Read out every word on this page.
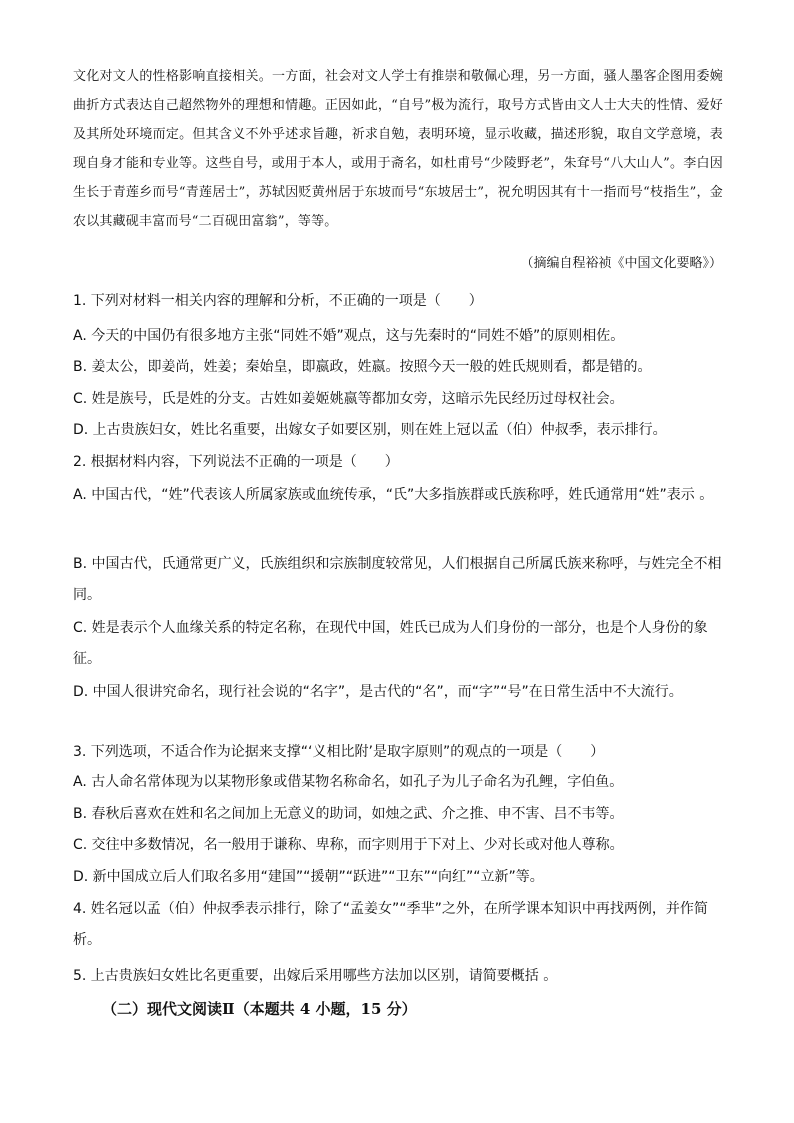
文化对文人的性格影响直接相关。一方面，社会对文人学士有推崇和敬佩心理，另一方面，骚人墨客企图用委婉曲折方式表达自己超然物外的理想和情趣。正因如此，“自号”极为流行，取号方式皆由文人士大夫的性情、爱好及其所处环境而定。但其含义不外乎述求旨趣，祈求自勉，表明环境，显示收藏，描述形貌，取自文学意境，表现自身才能和专业等。这些自号，或用于本人，或用于斋名，如杜甫号“少陵野老”，朱耷号“八大山人”。李白因生长于青莲乡而号“青莲居士”，苏轼因贬黄州居于东坡而号“东坡居士”，祝允明因其有十一指而号“枝指生”，金农以其藏砚丰富而号“二百砚田富翁”，等等。

（摘编自程裕祯《中国文化要略》）

1. 下列对材料一相关内容的理解和分析，不正确的一项是（　　）

A. 今天的中国仍有很多地方主张“同姓不婚”观点，这与先秦时的“同姓不婚”的原则相佐。

B. 姜太公，即姜尚，姓姜；秦始皇，即嬴政，姓嬴。按照今天一般的姓氏规则看，都是错的。

C. 姓是族号，氏是姓的分支。古姓如姜姬姚嬴等都加女旁，这暗示先民经历过母权社会。

D. 上古贵族妇女，姓比名重要，出嫁女子如要区别，则在姓上冠以孟（伯）仲叔季，表示排行。

2. 根据材料内容，下列说法不正确的一项是（　　）

A. 中国古代，“姓”代表该人所属家族或血统传承，“氏”大多指族群或氏族称呼，姓氏通常用“姓”表示 。

B. 中国古代，氏通常更广义，氏族组织和宗族制度较常见，人们根据自己所属氏族来称呼，与姓完全不相同。

C. 姓是表示个人血缘关系的特定名称，在现代中国，姓氏已成为人们身份的一部分，也是个人身份的象征。

D. 中国人很讲究命名，现行社会说的“名字”，是古代的“名”，而“字”“号”在日常生活中不大流行。

3. 下列选项，不适合作为论据来支撑“‘义相比附’是取字原则”的观点的一项是（　　）

A. 古人命名常体现为以某物形象或借某物名称命名，如孔子为儿子命名为孔鲤，字伯鱼。

B. 春秋后喜欢在姓和名之间加上无意义的助词，如烛之武、介之推、申不害、吕不韦等。

C. 交往中多数情况，名一般用于谦称、卑称，而字则用于下对上、少对长或对他人尊称。

D. 新中国成立后人们取名多用“建国”“援朝”“跃进”“卫东”“向红”“立新”等。

4. 姓名冠以孟（伯）仲叔季表示排行，除了“孟姜女”“季芈”之外，在所学课本知识中再找两例，并作简析。

5. 上古贵族妇女姓比名更重要，出嫁后采用哪些方法加以区别，请简要概括 。

（二）现代文阅读Ⅱ（本题共 4 小题，15 分）
